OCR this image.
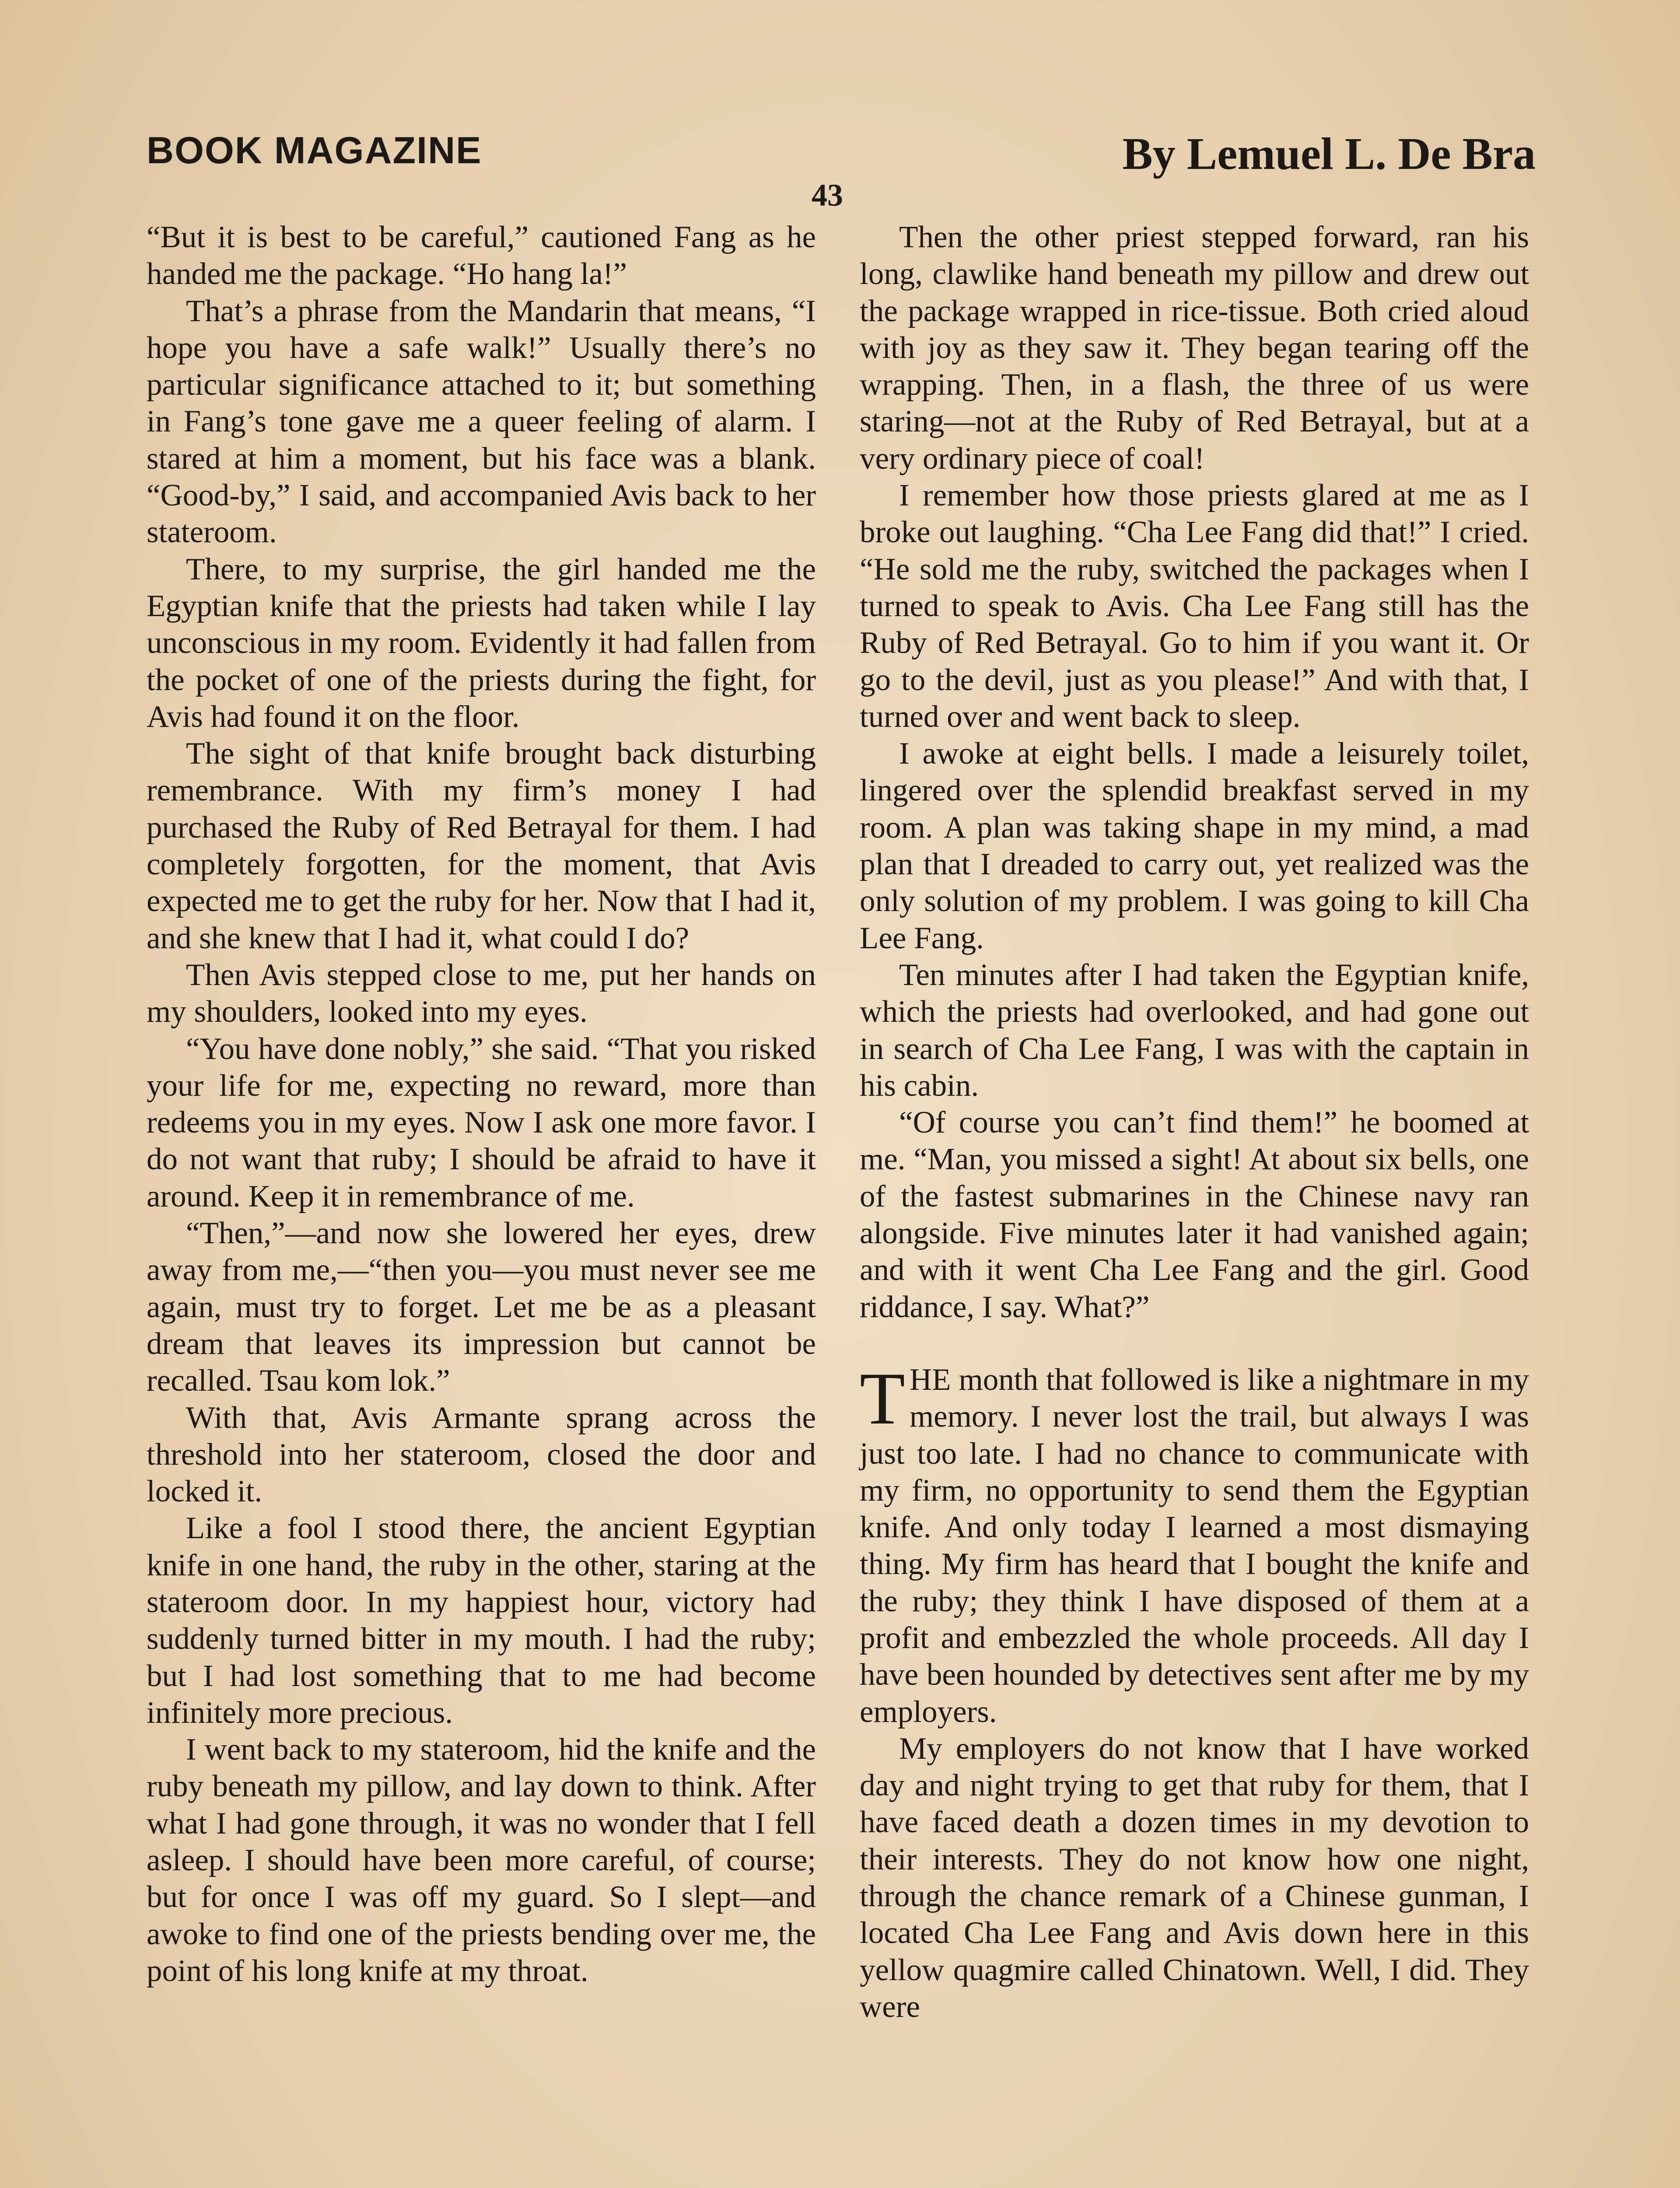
BOOK MAGAZINE	By Lemuel L. De Bra
43

“But it is best to be careful,” cautioned Fang as he handed me the package. “Ho hang la!”

That’s a phrase from the Mandarin that means, “I hope you have a safe walk!” Usually there’s no particular significance attached to it; but something in Fang’s tone gave me a queer feeling of alarm. I stared at him a moment, but his face was a blank. “Good-by,” I said, and accompanied Avis back to her stateroom.

There, to my surprise, the girl handed me the Egyptian knife that the priests had taken while I lay unconscious in my room. Evidently it had fallen from the pocket of one of the priests during the fight, for Avis had found it on the floor.

The sight of that knife brought back disturbing remembrance. With my firm’s money I had purchased the Ruby of Red Betrayal for them. I had completely forgotten, for the moment, that Avis expected me to get the ruby for her. Now that I had it, and she knew that I had it, what could I do?

Then Avis stepped close to me, put her hands on my shoulders, looked into my eyes.

“You have done nobly,” she said. “That you risked your life for me, expecting no reward, more than redeems you in my eyes. Now I ask one more favor. I do not want that ruby; I should be afraid to have it around. Keep it in remembrance of me.

“Then,”—and now she lowered her eyes, drew away from me,—“then you—you must never see me again, must try to forget. Let me be as a pleasant dream that leaves its impression but cannot be recalled. Tsau kom lok.”

With that, Avis Armante sprang across the threshold into her stateroom, closed the door and locked it.

Like a fool I stood there, the ancient Egyptian knife in one hand, the ruby in the other, staring at the stateroom door. In my happiest hour, victory had suddenly turned bitter in my mouth. I had the ruby; but I had lost something that to me had become infinitely more precious.

I went back to my stateroom, hid the knife and the ruby beneath my pillow, and lay down to think. After what I had gone through, it was no wonder that I fell asleep. I should have been more careful, of course; but for once I was off my guard. So I slept—and awoke to find one of the priests bending over me, the point of his long knife at my throat.

Then the other priest stepped forward, ran his long, clawlike hand beneath my pillow and drew out the package wrapped in rice-tissue. Both cried aloud with joy as they saw it. They began tearing off the wrapping. Then, in a flash, the three of us were staring—not at the Ruby of Red Betrayal, but at a very ordinary piece of coal!

I remember how those priests glared at me as I broke out laughing. “Cha Lee Fang did that!” I cried. “He sold me the ruby, switched the packages when I turned to speak to Avis. Cha Lee Fang still has the Ruby of Red Betrayal. Go to him if you want it. Or go to the devil, just as you please!” And with that, I turned over and went back to sleep.

I awoke at eight bells. I made a leisurely toilet, lingered over the splendid breakfast served in my room. A plan was taking shape in my mind, a mad plan that I dreaded to carry out, yet realized was the only solution of my problem. I was going to kill Cha Lee Fang.

Ten minutes after I had taken the Egyptian knife, which the priests had overlooked, and had gone out in search of Cha Lee Fang, I was with the captain in his cabin.

“Of course you can’t find them!” he boomed at me. “Man, you missed a sight! At about six bells, one of the fastest submarines in the Chinese navy ran alongside. Five minutes later it had vanished again; and with it went Cha Lee Fang and the girl. Good riddance, I say. What?”

THE month that followed is like a nightmare in my memory. I never lost the trail, but always I was just too late. I had no chance to communicate with my firm, no opportunity to send them the Egyptian knife. And only today I learned a most dismaying thing. My firm has heard that I bought the knife and the ruby; they think I have disposed of them at a profit and embezzled the whole proceeds. All day I have been hounded by detectives sent after me by my employers.

My employers do not know that I have worked day and night trying to get that ruby for them, that I have faced death a dozen times in my devotion to their interests. They do not know how one night, through the chance remark of a Chinese gunman, I located Cha Lee Fang and Avis down here in this yellow quagmire called Chinatown. Well, I did. They were
